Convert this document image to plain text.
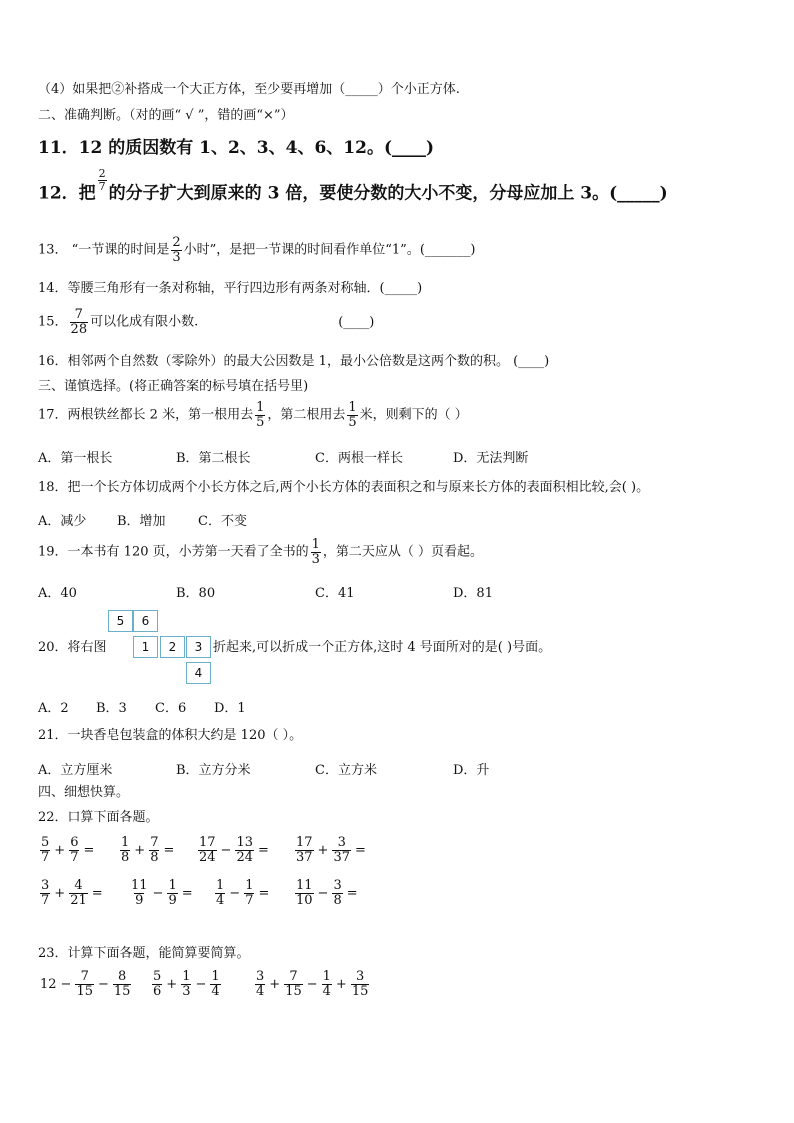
（4）如果把②补搭成一个大正方体，至少要再增加（_____）个小正方体.
二、准确判断。（对的画“ √ ”，错的画“×”）
11．12 的质因数有 1、2、3、4、6、12。(____)
12．把
$\frac{2}{7}$
的分子扩大到原来的 3 倍，要使分数的大小不变，分母应加上 3。(_____)
13． “一节课的时间是 $\frac{2}{3}$ 小时”，是把一节课的时间看作单位“1”。(_______)
14．等腰三角形有一条对称轴，平行四边形有两条对称轴．(_____)
15． $\frac{7}{28}$ 可以化成有限小数.	(____)
16．相邻两个自然数（零除外）的最大公因数是 1，最小公倍数是这两个数的积。 (____)
三、谨慎选择。(将正确答案的标号填在括号里)
17．两根铁丝都长 2 米，第一根用去 $\frac{1}{5}$ ，第二根用去 $\frac{1}{5}$ 米，则剩下的（ ）
A．第一根长	B．第二根长	C．两根一样长	D．无法判断
18．把一个长方体切成两个小长方体之后,两个小长方体的表面积之和与原来长方体的表面积相比较,会( )。
A．减少 B．增加 C．不变
19．一本书有 120 页，小芳第一天看了全书的 $\frac{1}{3}$ ，第二天应从（ ）页看起。
A．40	B．80	C．41	D．81
20．将右图
5	6
1	2	3
4
折起来,可以折成一个正方体,这时 4 号面所对的是( )号面。
A．2 B．3 C．6 D．1
21．一块香皂包装盒的体积大约是 120（ ）。
A．立方厘米	B．立方分米	C．立方米	D．升
四、细想快算。
22．口算下面各题。
$\frac{5}{7} + \frac{6}{7} = \frac{1}{8} + \frac{7}{8} = \frac{17}{24} - \frac{13}{24} = \frac{17}{37} + \frac{3}{37}$ =
$\frac{3}{7} + \frac{4}{21} = \frac{11}{9} - \frac{1}{9} = \frac{1}{4} - \frac{1}{7} = \frac{11}{10} - \frac{3}{8}$ =
23．计算下面各题，能简算要简算。
$12 - \frac{7}{15} - \frac{8}{15} \frac{5}{6} + \frac{1}{3} - \frac{1}{4}$	$\frac{3}{4} + \frac{7}{15} - \frac{1}{4} + \frac{3}{15}$
